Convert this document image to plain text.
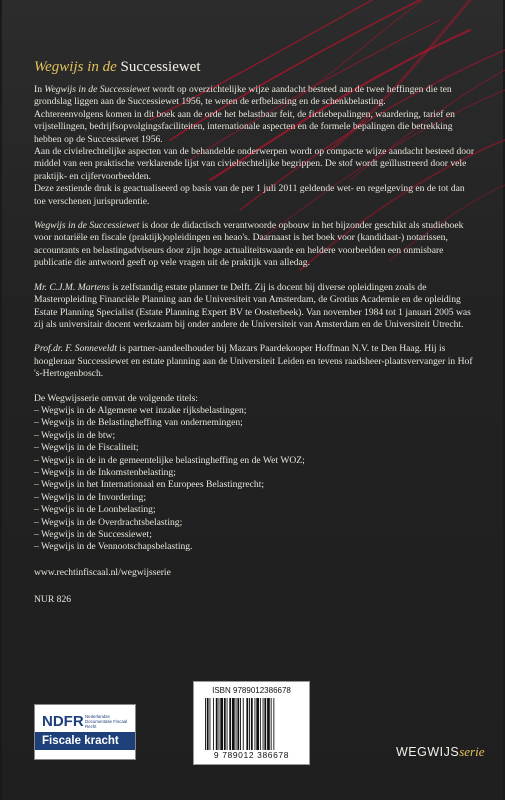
Wegwijs in de Successiewet

In Wegwijs in de Successiewet wordt op overzichtelijke wijze aandacht besteed aan de twee heffingen die ten grondslag liggen aan de Successiewet 1956, te weten de erfbelasting en de schenkbelasting.

Achtereenvolgens komen in dit boek aan de orde het belastbaar feit, de fictiebepalingen, waardering, tarief en vrijstellingen, bedrijfsopvolgingsfaciliteiten, internationale aspecten en de formele bepalingen die betrekking hebben op de Successiewet 1956.

Aan de civielrechtelijke aspecten van de behandelde onderwerpen wordt op compacte wijze aandacht besteed door middel van een praktische verklarende lijst van civielrechtelijke begrippen. De stof wordt geïllustreerd door vele praktijk- en cijfervoorbeelden.

Deze zestiende druk is geactualiseerd op basis van de per 1 juli 2011 geldende wet- en regelgeving en de tot dan toe verschenen jurisprudentie.

Wegwijs in de Successiewet is door de didactisch verantwoorde opbouw in het bijzonder geschikt als studieboek voor notariële en fiscale (praktijk)opleidingen en heao's. Daarnaast is het boek voor (kandidaat-) notarissen, accountants en belastingadviseurs door zijn hoge actualiteitswaarde en heldere voorbeelden een onmisbare publicatie die antwoord geeft op vele vragen uit de praktijk van alledag.

Mr. C.J.M. Martens is zelfstandig estate planner te Delft. Zij is docent bij diverse opleidingen zoals de Masteropleiding Financiële Planning aan de Universiteit van Amsterdam, de Grotius Academie en de opleiding Estate Planning Specialist (Estate Planning Expert BV te Oosterbeek). Van november 1984 tot 1 januari 2005 was zij als universitair docent werkzaam bij onder andere de Universiteit van Amsterdam en de Universiteit Utrecht.

Prof.dr. F. Sonneveldt is partner-aandeelhouder bij Mazars Paardekooper Hoffman N.V. te Den Haag. Hij is hoogleraar Successiewet en estate planning aan de Universiteit Leiden en tevens raadsheer-plaatsvervanger in Hof 's-Hertogenbosch.

De Wegwijsserie omvat de volgende titels:

– Wegwijs in de Algemene wet inzake rijksbelastingen;
– Wegwijs in de Belastingheffing van ondernemingen;
– Wegwijs in de btw;
– Wegwijs in de Fiscaliteit;
– Wegwijs in de in de gemeentelijke belastingheffing en de Wet WOZ;
– Wegwijs in de Inkomstenbelasting;
– Wegwijs in het Internationaal en Europees Belastingrecht;
– Wegwijs in de Invordering;
– Wegwijs in de Loonbelasting;
– Wegwijs in de Overdrachtsbelasting;
– Wegwijs in de Successiewet;
– Wegwijs in de Vennootschapsbelasting.

www.rechtinfiscaal.nl/wegwijsserie

NUR 826

ISBN 9789012386678
9 789012 386678
NDFR Nederlandse Documentatie Fiscaal Recht
Fiscale kracht
WEGWIJSserie
